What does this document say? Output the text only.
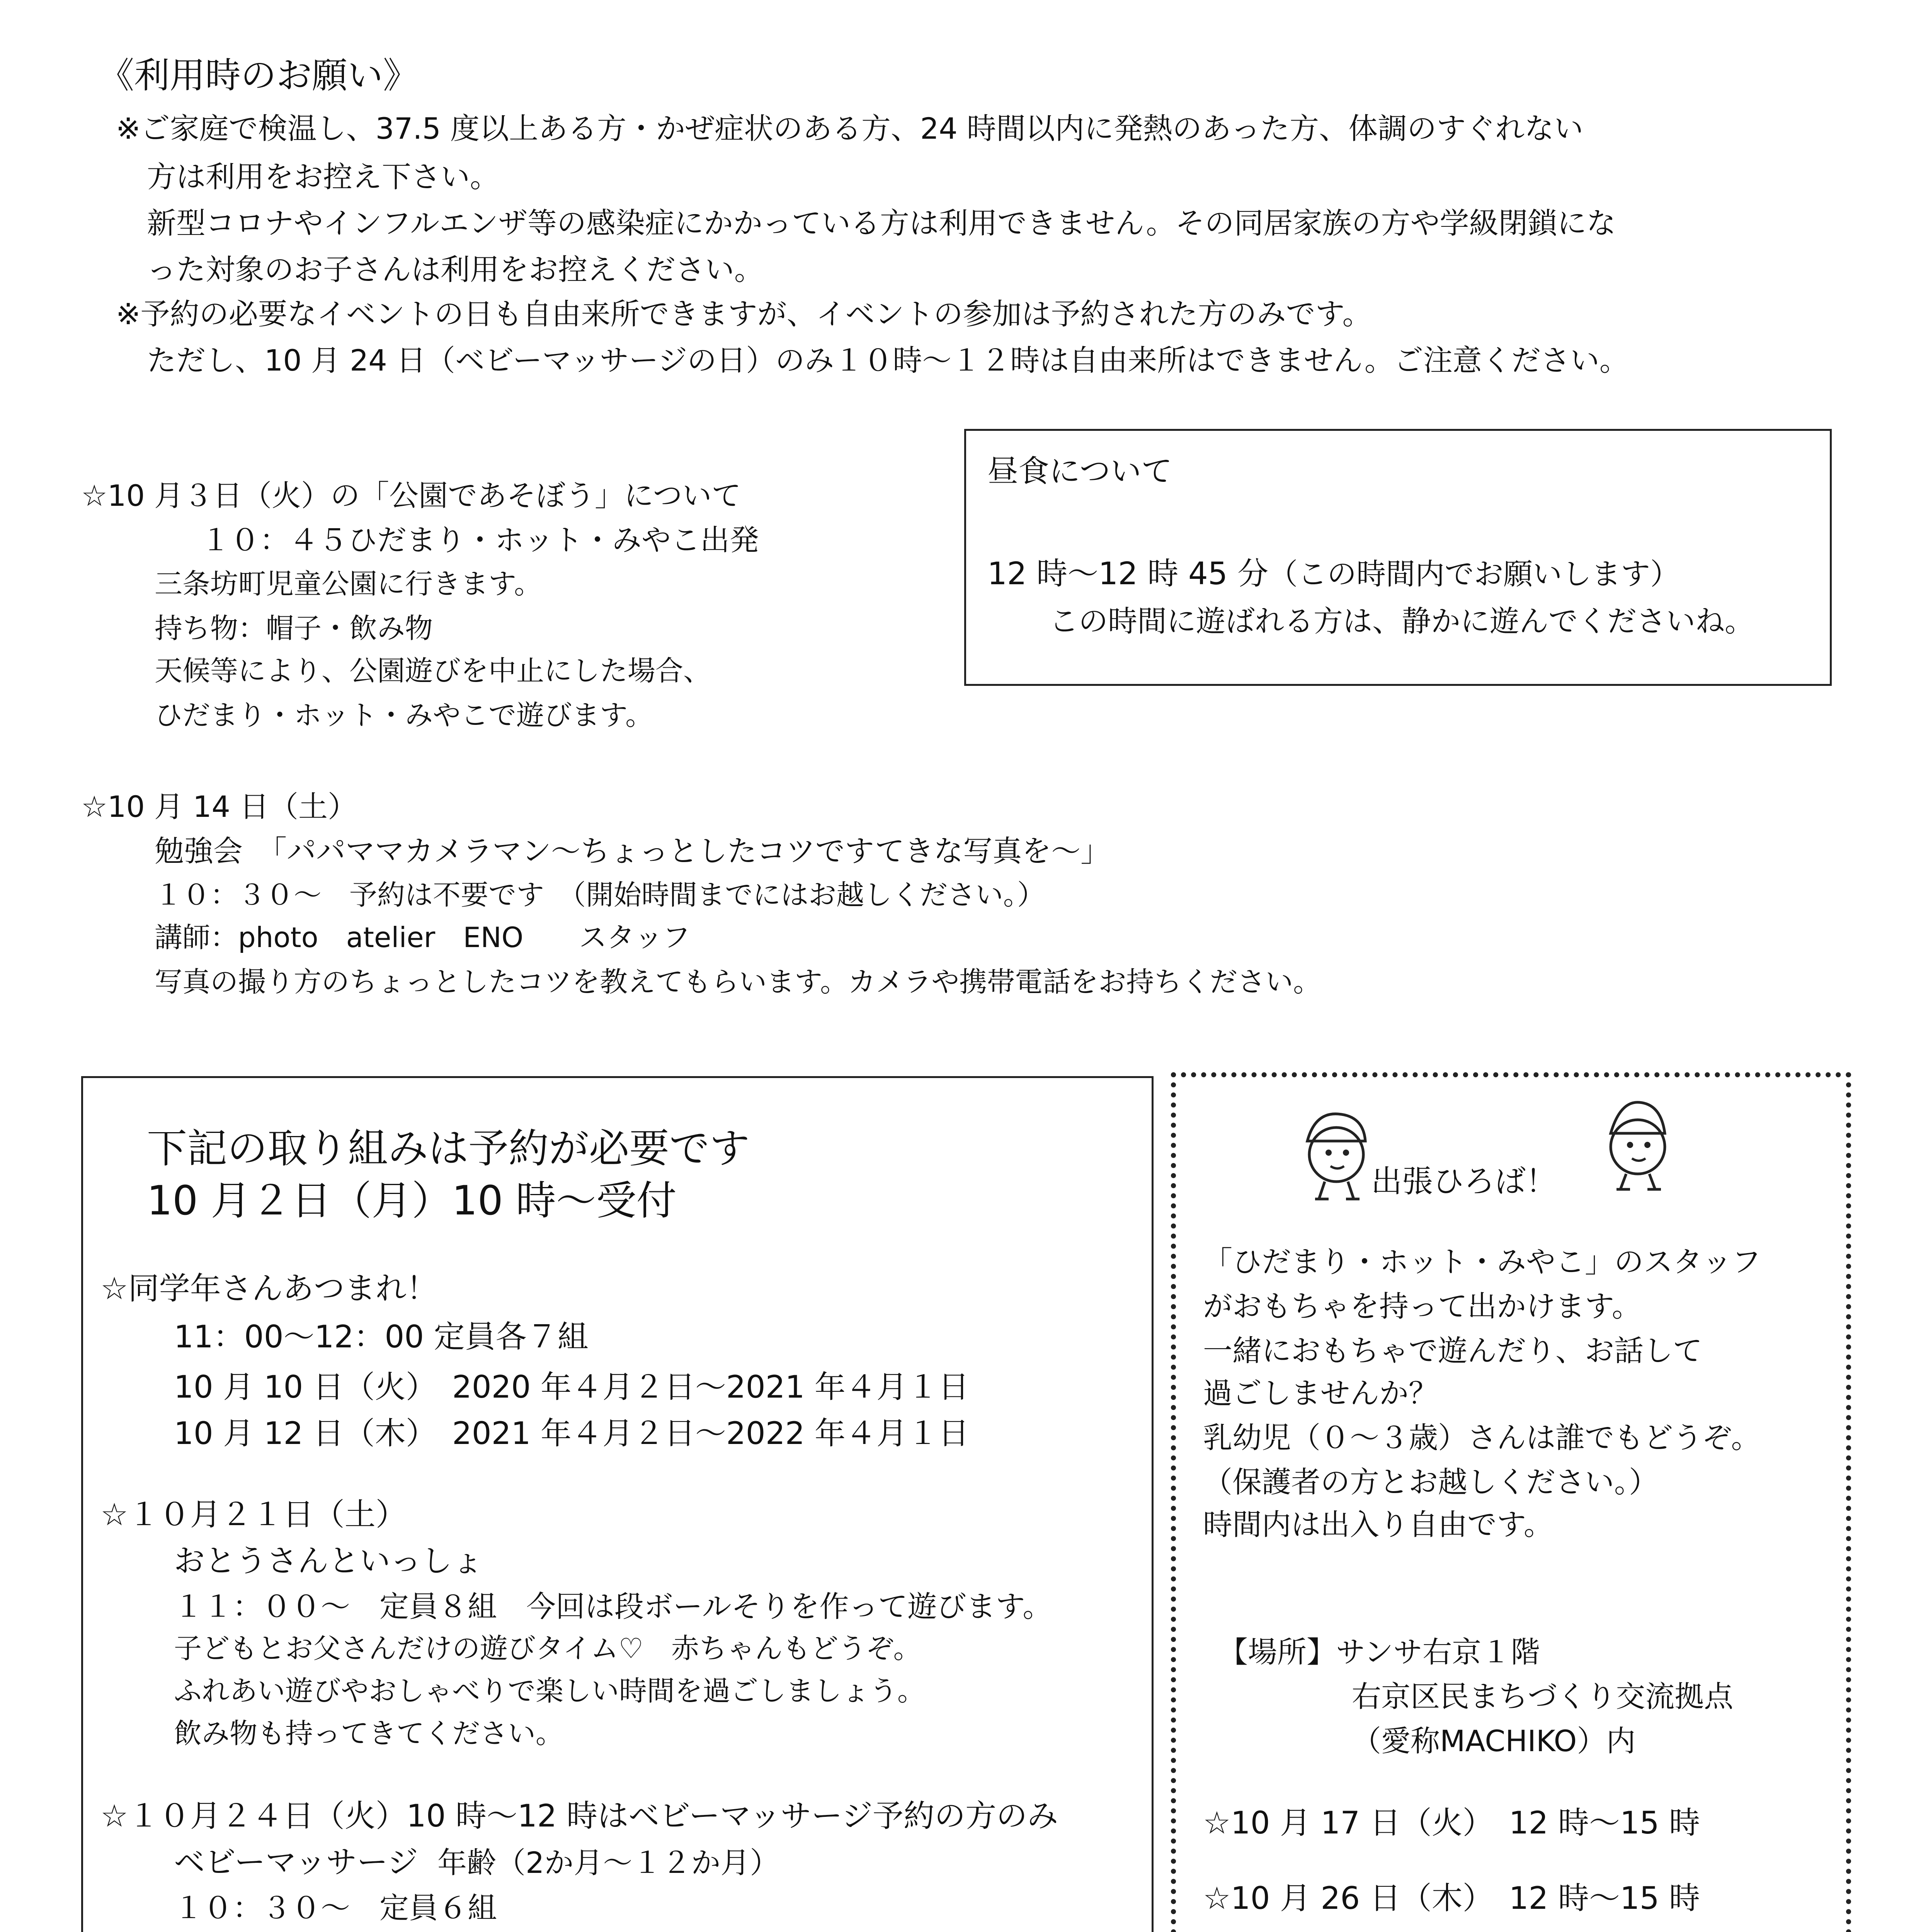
《利用時のお願い》
※ご家庭で検温し、37.5 度以上ある方・かぜ症状のある方、24 時間以内に発熱のあった方、体調のすぐれない
方は利用をお控え下さい。
新型コロナやインフルエンザ等の感染症にかかっている方は利用できません。その同居家族の方や学級閉鎖にな
った対象のお子さんは利用をお控えください。
※予約の必要なイベントの日も自由来所できますが、イベントの参加は予約された方のみです。
ただし、10 月 24 日（ベビーマッサージの日）のみ１０時～１２時は自由来所はできません。ご注意ください。
☆10 月３日（火）の「公園であそぼう」について
１０：４５ひだまり・ホット・みやこ出発
三条坊町児童公園に行きます。
持ち物：帽子・飲み物
天候等により、公園遊びを中止にした場合、
ひだまり・ホット・みやこで遊びます。
昼食について
12 時～12 時 45 分（この時間内でお願いします）
この時間に遊ばれる方は、静かに遊んでくださいね。
☆10 月 14 日（土）
勉強会　「パパママカメラマン～ちょっとしたコツですてきな写真を～」
１０：３０～　予約は不要です　（開始時間までにはお越しください。）
講師：photo　atelier　ENO　　スタッフ
写真の撮り方のちょっとしたコツを教えてもらいます。カメラや携帯電話をお持ちください。
下記の取り組みは予約が必要です
10 月２日（月）10 時～受付
☆同学年さんあつまれ！
11：00～12：00 定員各７組
10 月 10 日（火）　2020 年４月２日～2021 年４月１日
10 月 12 日（木）　2021 年４月２日～2022 年４月１日
☆１０月２１日（土）
おとうさんといっしょ
１１：００～　定員８組　今回は段ボールそりを作って遊びます。
子どもとお父さんだけの遊びタイム♡　赤ちゃんもどうぞ。
ふれあい遊びやおしゃべりで楽しい時間を過ごしましょう。
飲み物も持ってきてください。
☆１０月２４日（火）10 時～12 時はベビーマッサージ予約の方のみ
ベビーマッサージ 年齢（2か月～１２か月）
１０：３０～　定員６組
出張ひろば！
「ひだまり・ホット・みやこ」のスタッフ
がおもちゃを持って出かけます。
一緒におもちゃで遊んだり、お話して
過ごしませんか？
乳幼児（０～３歳）さんは誰でもどうぞ。
（保護者の方とお越しください。）
時間内は出入り自由です。
【場所】サンサ右京１階
右京区民まちづくり交流拠点
（愛称MACHIKO）内
☆10 月 17 日（火）　12 時～15 時
☆10 月 26 日（木）　12 時～15 時
